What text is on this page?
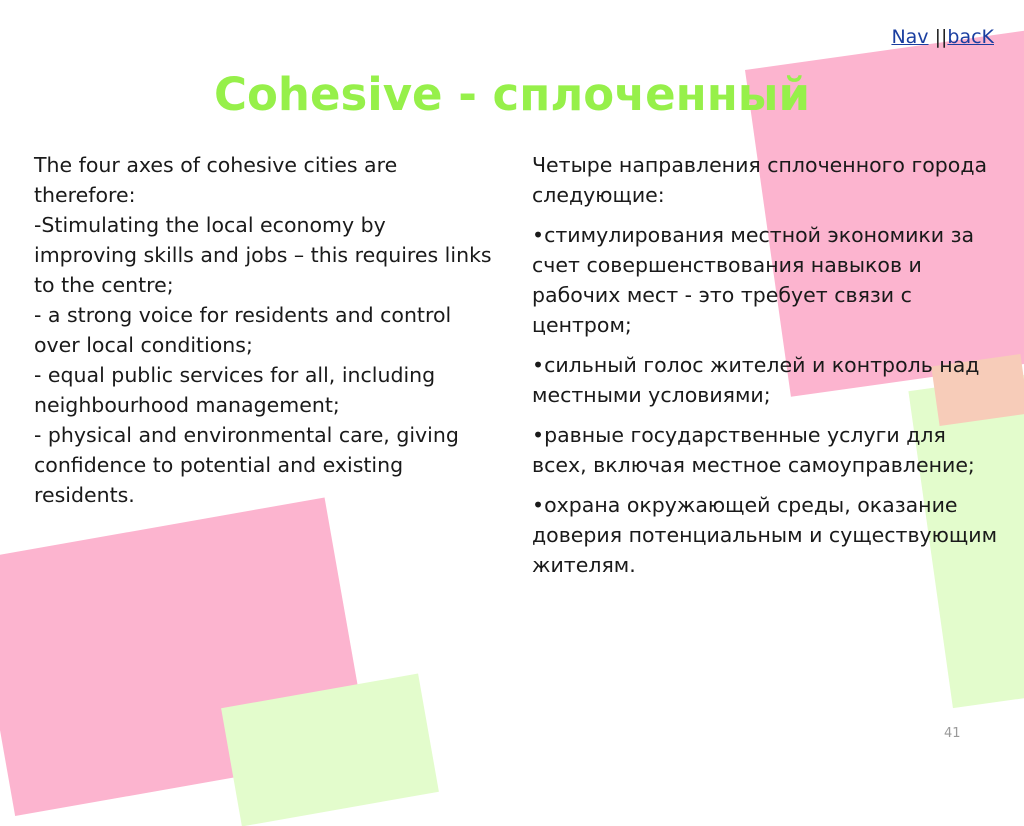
Nav ||bacK
Cohesive - сплоченный

The four axes of cohesive cities are therefore:

-Stimulating the local economy by improving skills and jobs – this requires links to the centre;

- a strong voice for residents and control over local conditions;

- equal public services for all, including neighbourhood management;

- physical and environmental care, giving confidence to potential and existing residents.

Четыре направления сплоченного города следующие:

•стимулирования местной экономики за счет совершенствования навыков и рабочих мест - это требует связи с центром;

•сильный голос жителей и контроль над местными условиями;

•равные государственные услуги для всех, включая местное самоуправление;

•охрана окружающей среды, оказание доверия потенциальным и существующим жителям.

41
